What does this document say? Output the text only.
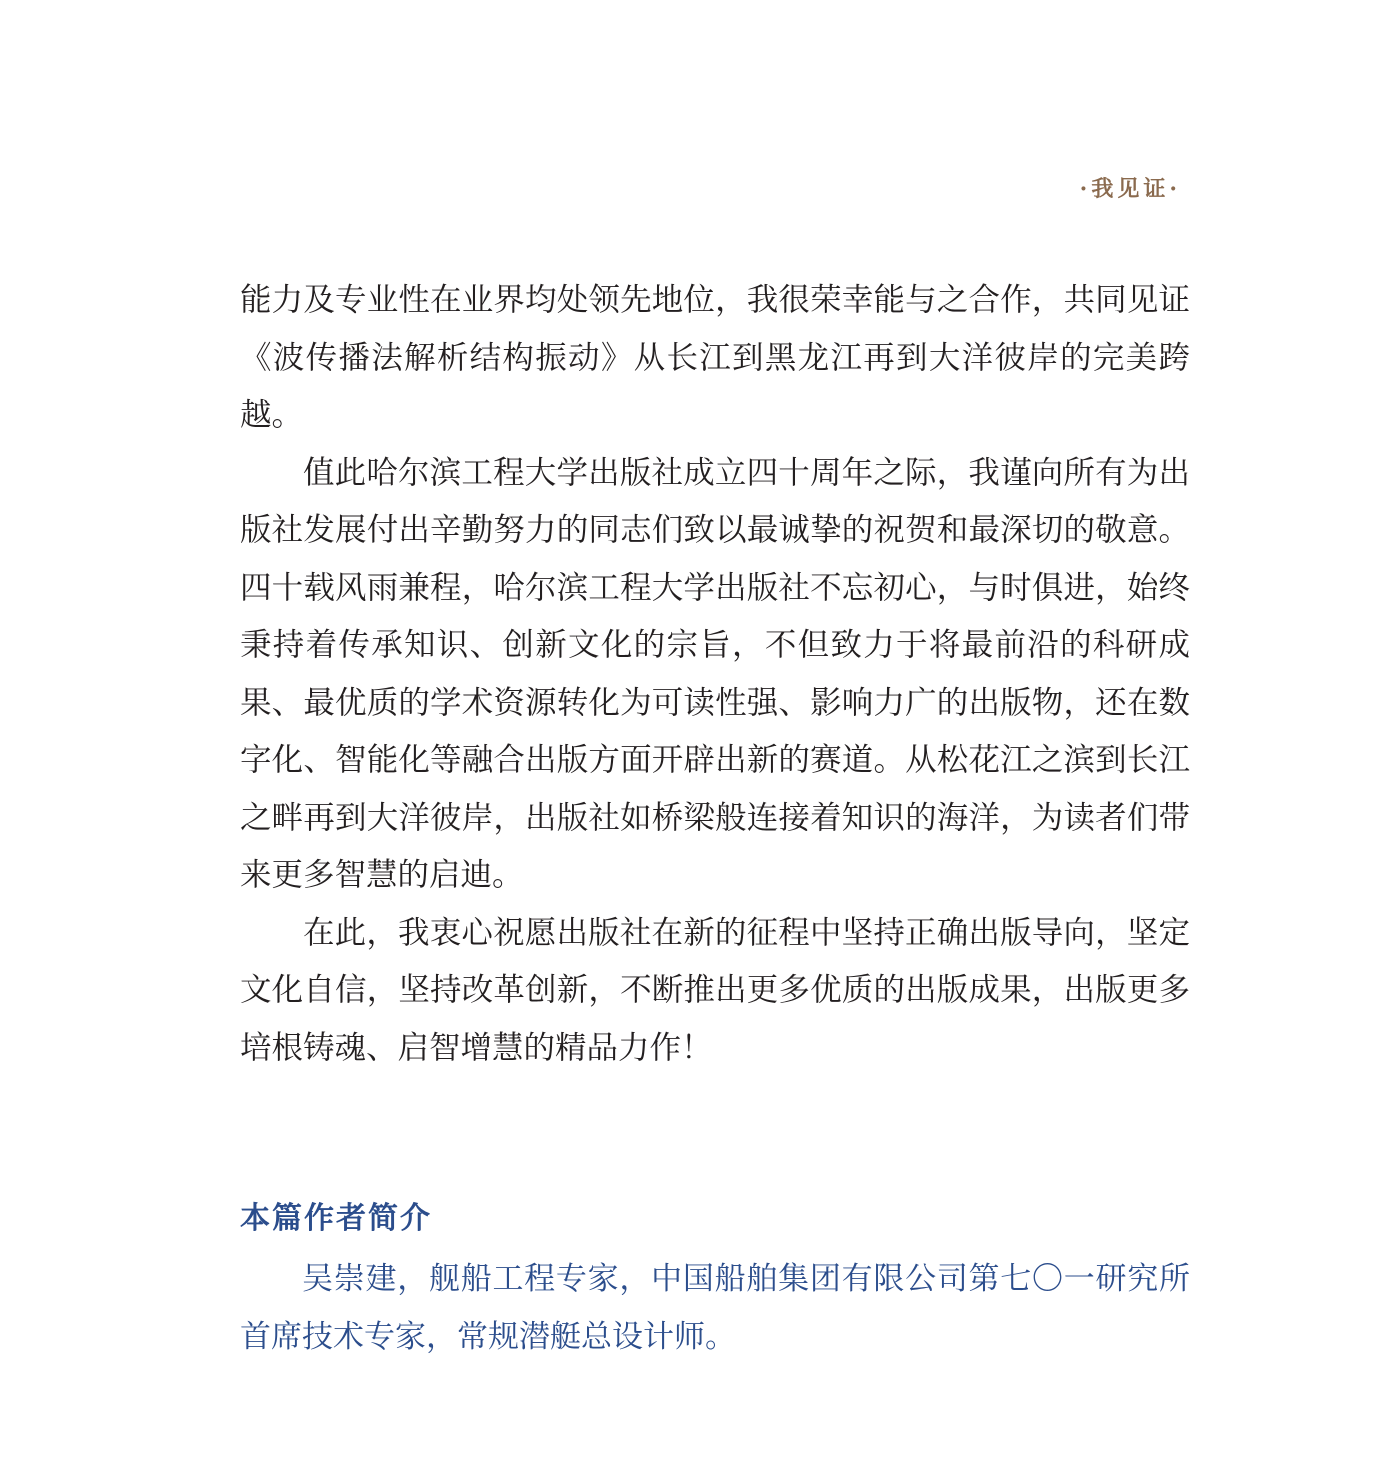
·我见证·

能力及专业性在业界均处领先地位，我很荣幸能与之合作，共同见证《波传播法解析结构振动》从长江到黑龙江再到大洋彼岸的完美跨越。

值此哈尔滨工程大学出版社成立四十周年之际，我谨向所有为出版社发展付出辛勤努力的同志们致以最诚挚的祝贺和最深切的敬意。四十载风雨兼程，哈尔滨工程大学出版社不忘初心，与时俱进，始终秉持着传承知识、创新文化的宗旨，不但致力于将最前沿的科研成果、最优质的学术资源转化为可读性强、影响力广的出版物，还在数字化、智能化等融合出版方面开辟出新的赛道。从松花江之滨到长江之畔再到大洋彼岸，出版社如桥梁般连接着知识的海洋，为读者们带来更多智慧的启迪。

在此，我衷心祝愿出版社在新的征程中坚持正确出版导向，坚定文化自信，坚持改革创新，不断推出更多优质的出版成果，出版更多培根铸魂、启智增慧的精品力作！

本篇作者简介
吴崇建，舰船工程专家，中国船舶集团有限公司第七〇一研究所首席技术专家，常规潜艇总设计师。
